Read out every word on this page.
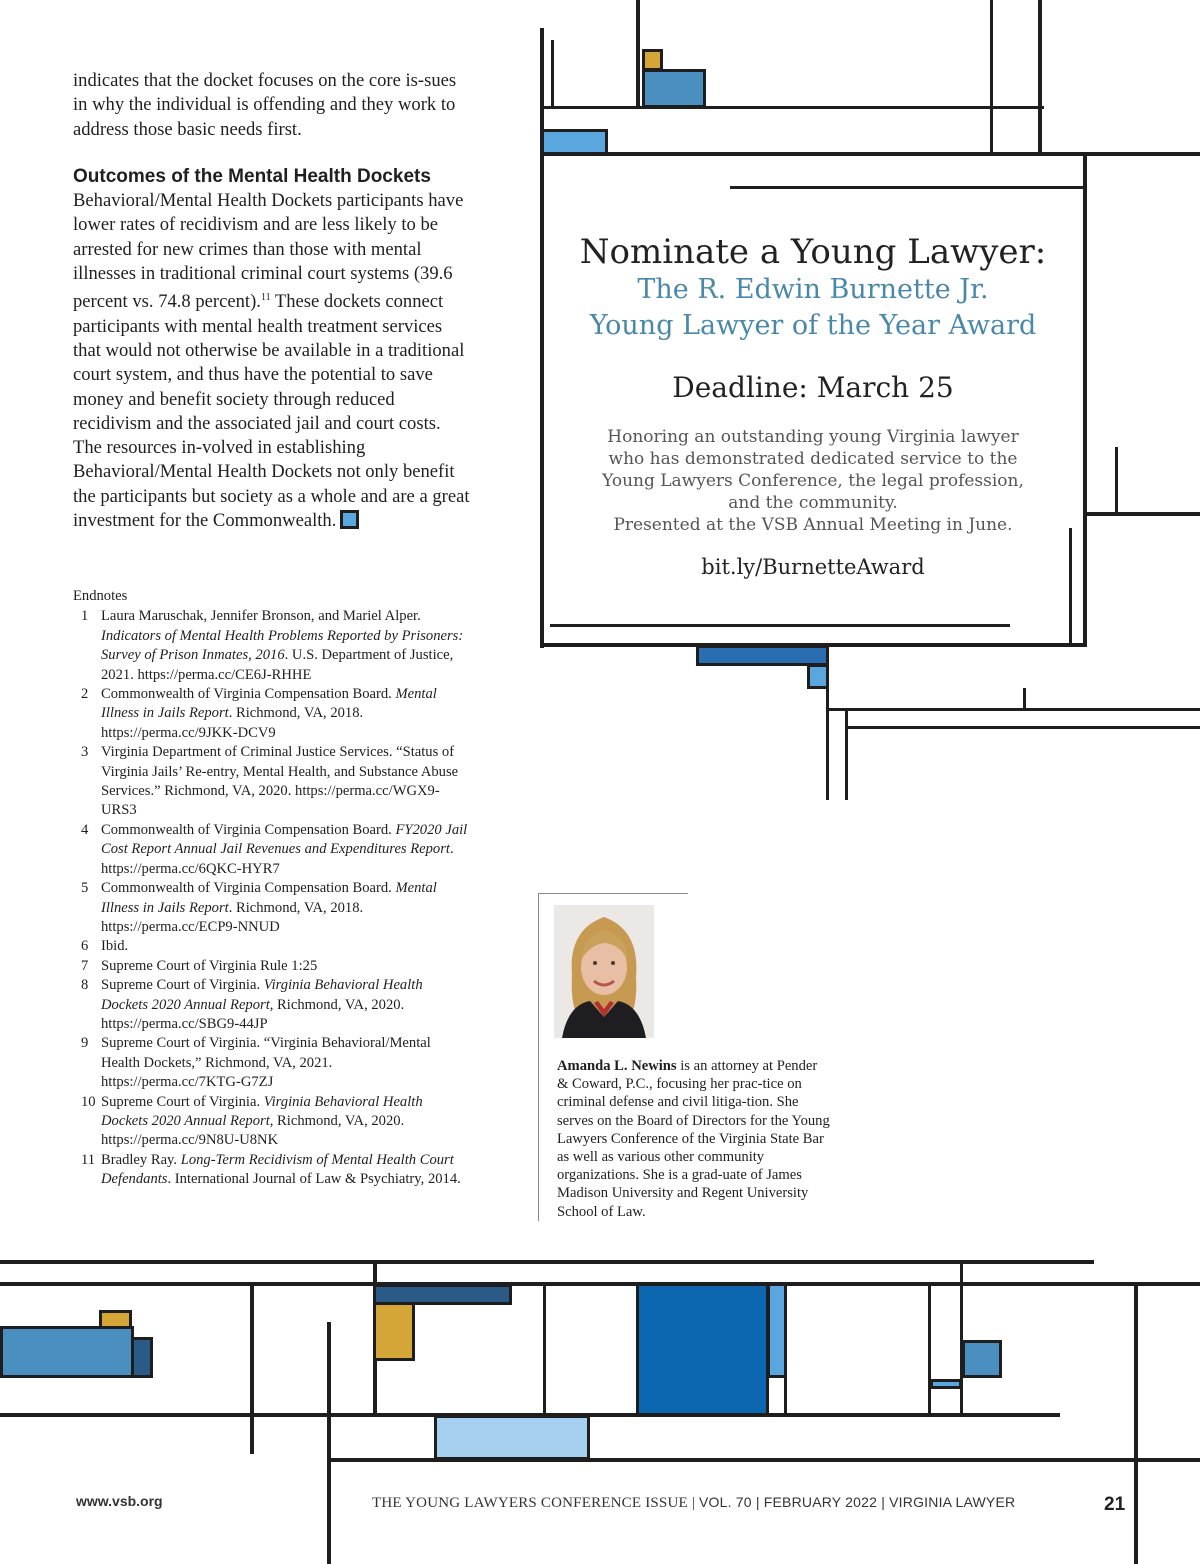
indicates that the docket focuses on the core is-sues in why the individual is offending and they work to address those basic needs first.

Outcomes of the Mental Health Dockets

Behavioral/Mental Health Dockets participants have lower rates of recidivism and are less likely to be arrested for new crimes than those with mental illnesses in traditional criminal court systems (39.6 percent vs. 74.8 percent).$^{11}$ These dockets connect participants with mental health treatment services that would not otherwise be available in a traditional court system, and thus have the potential to save money and benefit society through reduced recidivism and the associated jail and court costs. The resources in-volved in establishing Behavioral/Mental Health Dockets not only benefit the participants but society as a whole and are a great investment for the Commonwealth.

Endnotes

1 Laura Maruschak, Jennifer Bronson, and Mariel Alper. Indicators of Mental Health Problems Reported by Prisoners: Survey of Prison Inmates, 2016. U.S. Department of Justice, 2021. https://perma.cc/CE6J-RHHE
2 Commonwealth of Virginia Compensation Board. Mental Illness in Jails Report. Richmond, VA, 2018. https://perma.cc/9JKK-DCV9
3 Virginia Department of Criminal Justice Services. “Status of Virginia Jails’ Re-entry, Mental Health, and Substance Abuse Services.” Richmond, VA, 2020. https://perma.cc/WGX9-URS3
4 Commonwealth of Virginia Compensation Board. FY2020 Jail Cost Report Annual Jail Revenues and Expenditures Report. https://perma.cc/6QKC-HYR7
5 Commonwealth of Virginia Compensation Board. Mental Illness in Jails Report. Richmond, VA, 2018. https://perma.cc/ECP9-NNUD
6 Ibid.
7 Supreme Court of Virginia Rule 1:25
8 Supreme Court of Virginia. Virginia Behavioral Health Dockets 2020 Annual Report, Richmond, VA, 2020. https://perma.cc/SBG9-44JP
9 Supreme Court of Virginia. “Virginia Behavioral/Mental Health Dockets,” Richmond, VA, 2021. https://perma.cc/7KTG-G7ZJ
10 Supreme Court of Virginia. Virginia Behavioral Health Dockets 2020 Annual Report, Richmond, VA, 2020. https://perma.cc/9N8U-U8NK
11 Bradley Ray. Long-Term Recidivism of Mental Health Court Defendants. International Journal of Law & Psychiatry, 2014.

Nominate a Young Lawyer:

The R. Edwin Burnette Jr.

Young Lawyer of the Year Award

Deadline: March 25

Honoring an outstanding young Virginia lawyer
who has demonstrated dedicated service to the
Young Lawyers Conference, the legal profession,
and the community.
Presented at the VSB Annual Meeting in June.

bit.ly/BurnetteAward

Amanda L. Newins is an attorney at Pender & Coward, P.C., focusing her prac-tice on criminal defense and civil litiga-tion. She serves on the Board of Directors for the Young Lawyers Conference of the Virginia State Bar as well as various other community organizations. She is a grad-uate of James Madison University and Regent University School of Law.
www.vsb.org	THE YOUNG LAWYERS CONFERENCE ISSUE | VOL. 70 | FEBRUARY 2022 | VIRGINIA LAWYER	21
